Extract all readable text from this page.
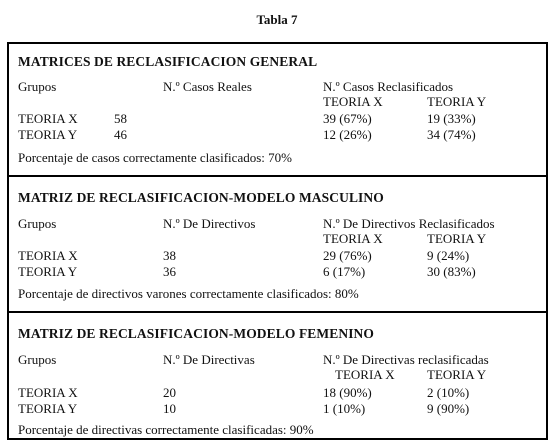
Tabla 7
MATRICES DE RECLASIFICACION GENERAL
Grupos	N.º Casos Reales	N.º Casos Reclasificados
TEORIA X	TEORIA Y
TEORIA X	58	39 (67%)	19 (33%)
TEORIA Y	46	12 (26%)	34 (74%)
Porcentaje de casos correctamente clasificados: 70%
MATRIZ DE RECLASIFICACION-MODELO MASCULINO
Grupos	N.º De Directivos	N.º De Directivos Reclasificados
TEORIA X	TEORIA Y
TEORIA X	38	29 (76%)	9 (24%)
TEORIA Y	36	6 (17%)	30 (83%)
Porcentaje de directivos varones correctamente clasificados: 80%
MATRIZ DE RECLASIFICACION-MODELO FEMENINO
Grupos	N.º De Directivas	N.º De Directivas reclasificadas
TEORIA X TEORIA Y
TEORIA X	20	18 (90%)	2 (10%)
TEORIA Y	10	1 (10%)	9 (90%)
Porcentaje de directivas correctamente clasificadas: 90%
